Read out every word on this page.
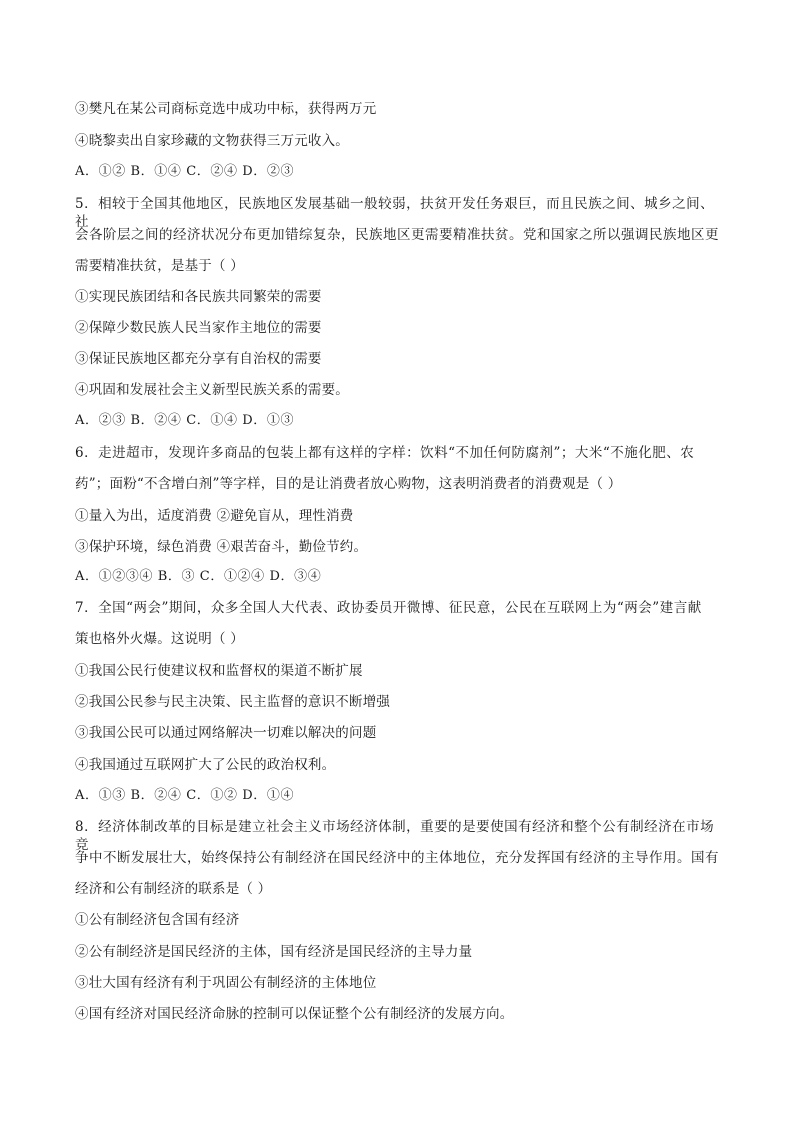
③樊凡在某公司商标竞选中成功中标，获得两万元
④晓黎卖出自家珍藏的文物获得三万元收入。
A．①② B．①④ C．②④ D．②③
5．相较于全国其他地区，民族地区发展基础一般较弱，扶贫开发任务艰巨，而且民族之间、城乡之间、社
会各阶层之间的经济状况分布更加错综复杂，民族地区更需要精准扶贫。党和国家之所以强调民族地区更
需要精准扶贫，是基于（ ）
①实现民族团结和各民族共同繁荣的需要
②保障少数民族人民当家作主地位的需要
③保证民族地区都充分享有自治权的需要
④巩固和发展社会主义新型民族关系的需要。
A．②③ B．②④ C．①④ D．①③
6．走进超市，发现许多商品的包装上都有这样的字样：饮料“不加任何防腐剂”；大米“不施化肥、农
药”；面粉“不含增白剂”等字样，目的是让消费者放心购物，这表明消费者的消费观是（ ）
①量入为出，适度消费 ②避免盲从，理性消费
③保护环境，绿色消费 ④艰苦奋斗，勤俭节约。
A．①②③④ B．③ C．①②④ D．③④
7．全国“两会”期间，众多全国人大代表、政协委员开微博、征民意，公民在互联网上为“两会”建言献
策也格外火爆。这说明（ ）
①我国公民行使建议权和监督权的渠道不断扩展
②我国公民参与民主决策、民主监督的意识不断增强
③我国公民可以通过网络解决一切难以解决的问题
④我国通过互联网扩大了公民的政治权利。
A．①③ B．②④ C．①② D．①④
8．经济体制改革的目标是建立社会主义市场经济体制，重要的是要使国有经济和整个公有制经济在市场竞
争中不断发展壮大，始终保持公有制经济在国民经济中的主体地位，充分发挥国有经济的主导作用。国有
经济和公有制经济的联系是（ ）
①公有制经济包含国有经济
②公有制经济是国民经济的主体，国有经济是国民经济的主导力量
③壮大国有经济有利于巩固公有制经济的主体地位
④国有经济对国民经济命脉的控制可以保证整个公有制经济的发展方向。
